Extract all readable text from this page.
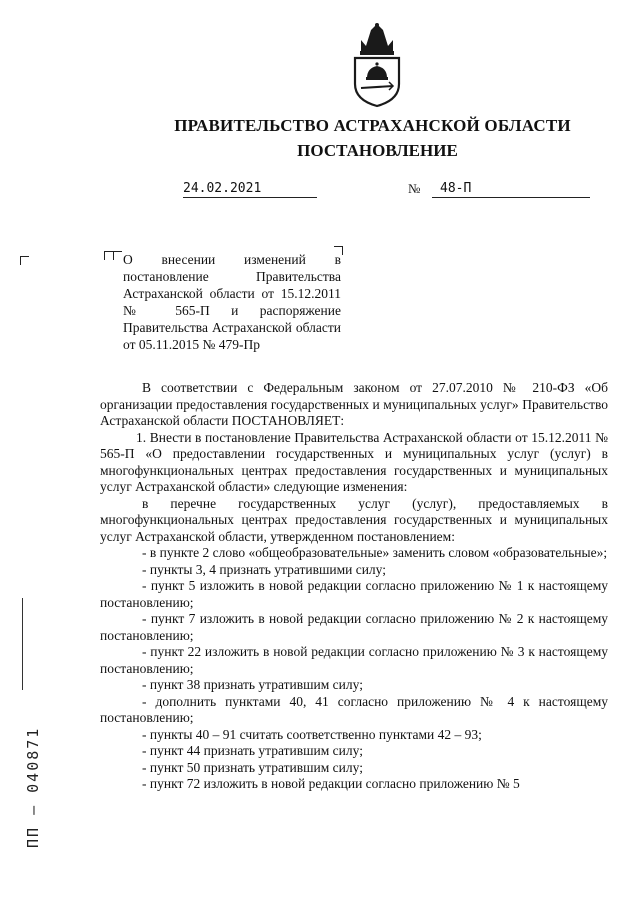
ПРАВИТЕЛЬСТВО АСТРАХАНСКОЙ ОБЛАСТИ
ПОСТАНОВЛЕНИЕ
24.02.2021	№	48-П
О внесении изменений в постановление Правительства Астраханской области от 15.12.2011 № 565-П и распоряжение Правительства Астраханской области от 05.11.2015 № 479-Пр

В соответствии с Федеральным законом от 27.07.2010 № 210-ФЗ «Об организации предоставления государственных и муниципальных услуг» Правительство Астраханской области ПОСТАНОВЛЯЕТ:

1. Внести в постановление Правительства Астраханской области от 15.12.2011 № 565-П «О предоставлении государственных и муниципальных услуг (услуг) в многофункциональных центрах предоставления государственных и муниципальных услуг Астраханской области» следующие изменения:

в перечне государственных услуг (услуг), предоставляемых в многофункциональных центрах предоставления государственных и муниципальных услуг Астраханской области, утвержденном постановлением:

- в пункте 2 слово «общеобразовательные» заменить словом «образовательные»;

- пункты 3, 4 признать утратившими силу;

- пункт 5 изложить в новой редакции согласно приложению № 1 к настоящему постановлению;

- пункт 7 изложить в новой редакции согласно приложению № 2 к настоящему постановлению;

- пункт 22 изложить в новой редакции согласно приложению № 3 к настоящему постановлению;

- пункт 38 признать утратившим силу;

- дополнить пунктами 40, 41 согласно приложению № 4 к настоящему постановлению;

- пункты 40 – 91 считать соответственно пунктами 42 – 93;

- пункт 44 признать утратившим силу;

- пункт 50 признать утратившим силу;

- пункт 72 изложить в новой редакции согласно приложению № 5

ПП – 040871
